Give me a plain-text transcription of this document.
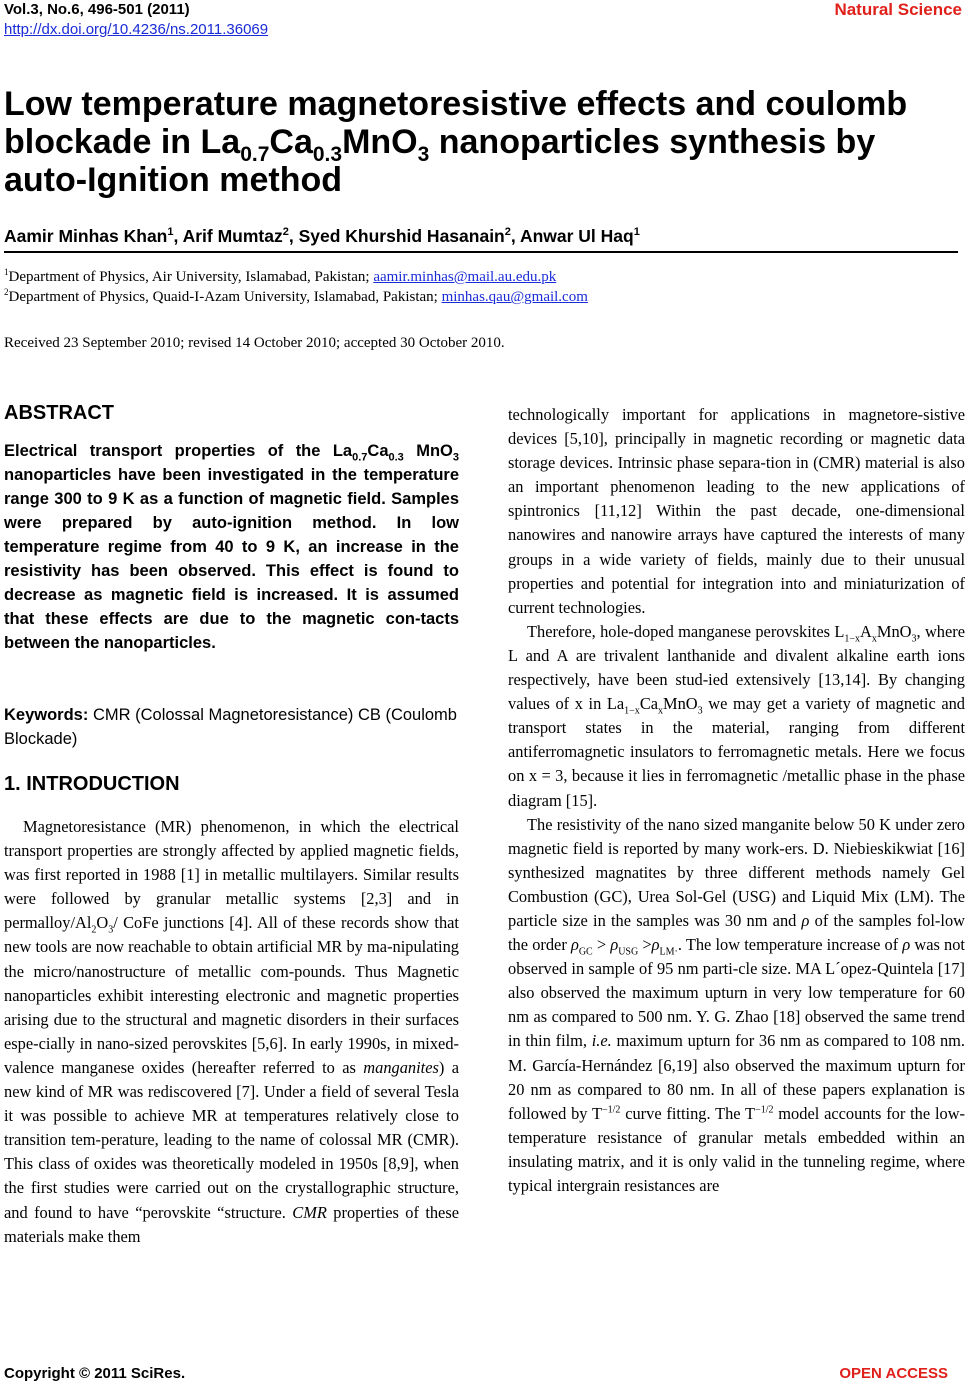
Vol.3, No.6, 496-501 (2011)
http://dx.doi.org/10.4236/ns.2011.36069
Natural Science
Low temperature magnetoresistive effects and coulomb
blockade in $La_{0.7}Ca_{0.3}MnO_3$ nanoparticles synthesis by
auto-Ignition method
Aamir Minhas Khan$^1$, Arif Mumtaz$^2$, Syed Khurshid Hasanain$^2$, Anwar Ul Haq$^1$
$^1$Department of Physics, Air University, Islamabad, Pakistan; aamir.minhas@mail.au.edu.pk
$^2$Department of Physics, Quaid-I-Azam University, Islamabad, Pakistan; minhas.qau@gmail.com
Received 23 September 2010; revised 14 October 2010; accepted 30 October 2010.
ABSTRACT
Electrical transport properties of the $La_{0.7}Ca_{0.3}$ MnO$_3$ nanoparticles have been investigated in the temperature range 300 to 9 K as a function of magnetic field. Samples were prepared by auto-ignition method. In low temperature regime from 40 to 9 K, an increase in the resistivity has been observed. This effect is found to decrease as magnetic field is increased. It is assumed that these effects are due to the magnetic con-tacts between the nanoparticles.
Keywords: CMR (Colossal Magnetoresistance) CB (Coulomb Blockade)
1. INTRODUCTION

Magnetoresistance (MR) phenomenon, in which the electrical transport properties are strongly affected by applied magnetic fields, was first reported in 1988 [1] in metallic multilayers. Similar results were followed by granular metallic systems [2,3] and in permalloy/$Al_2O_3/$ CoFe junctions [4]. All of these records show that new tools are now reachable to obtain artificial MR by ma-nipulating the micro/nanostructure of metallic com-pounds. Thus Magnetic nanoparticles exhibit interesting electronic and magnetic properties arising due to the structural and magnetic disorders in their surfaces espe-cially in nano-sized perovskites [5,6]. In early 1990s, in mixed-valence manganese oxides (hereafter referred to as manganites) a new kind of MR was rediscovered [7]. Under a field of several Tesla it was possible to achieve MR at temperatures relatively close to transition tem-perature, leading to the name of colossal MR (CMR). This class of oxides was theoretically modeled in 1950s [8,9], when the first studies were carried out on the crystallographic structure, and found to have “perovskite “structure. CMR properties of these materials make them

technologically important for applications in magnetore-sistive devices [5,10], principally in magnetic recording or magnetic data storage devices. Intrinsic phase separa-tion in (CMR) material is also an important phenomenon leading to the new applications of spintronics [11,12] Within the past decade, one-dimensional nanowires and nanowire arrays have captured the interests of many groups in a wide variety of fields, mainly due to their unusual properties and potential for integration into and miniaturization of current technologies.

Therefore, hole-doped manganese perovskites $L_{1-x}A_xMnO_3$, where L and A are trivalent lanthanide and divalent alkaline earth ions respectively, have been stud-ied extensively [13,14]. By changing values of x in $La_{1-x}Ca_xMnO_3$ we may get a variety of magnetic and transport states in the material, ranging from different antiferromagnetic insulators to ferromagnetic metals. Here we focus on x = 3, because it lies in ferromagnetic /metallic phase in the phase diagram [15].

The resistivity of the nano sized manganite below 50 K under zero magnetic field is reported by many work-ers. D. Niebieskikwiat [16] synthesized magnatites by three different methods namely Gel Combustion (GC), Urea Sol-Gel (USG) and Liquid Mix (LM). The particle size in the samples was 30 nm and ρ of the samples fol-low the order $\rho_{GC} > \rho_{USG} >\rho_{LM\cdot}$. The low temperature increase of ρ was not observed in sample of 95 nm parti-cle size. MA L´opez-Quintela [17] also observed the maximum upturn in very low temperature for 60 nm as compared to 500 nm. Y. G. Zhao [18] observed the same trend in thin film, i.e. maximum upturn for 36 nm as compared to 108 nm. M. García-Hernández [6,19] also observed the maximum upturn for 20 nm as compared to 80 nm. In all of these papers explanation is followed by $T^{-1/2}$ curve fitting. The $T^{-1/2}$ model accounts for the low-temperature resistance of granular metals embedded within an insulating matrix, and it is only valid in the tunneling regime, where typical intergrain resistances are

Copyright © 2011 SciRes.	OPEN ACCESS
